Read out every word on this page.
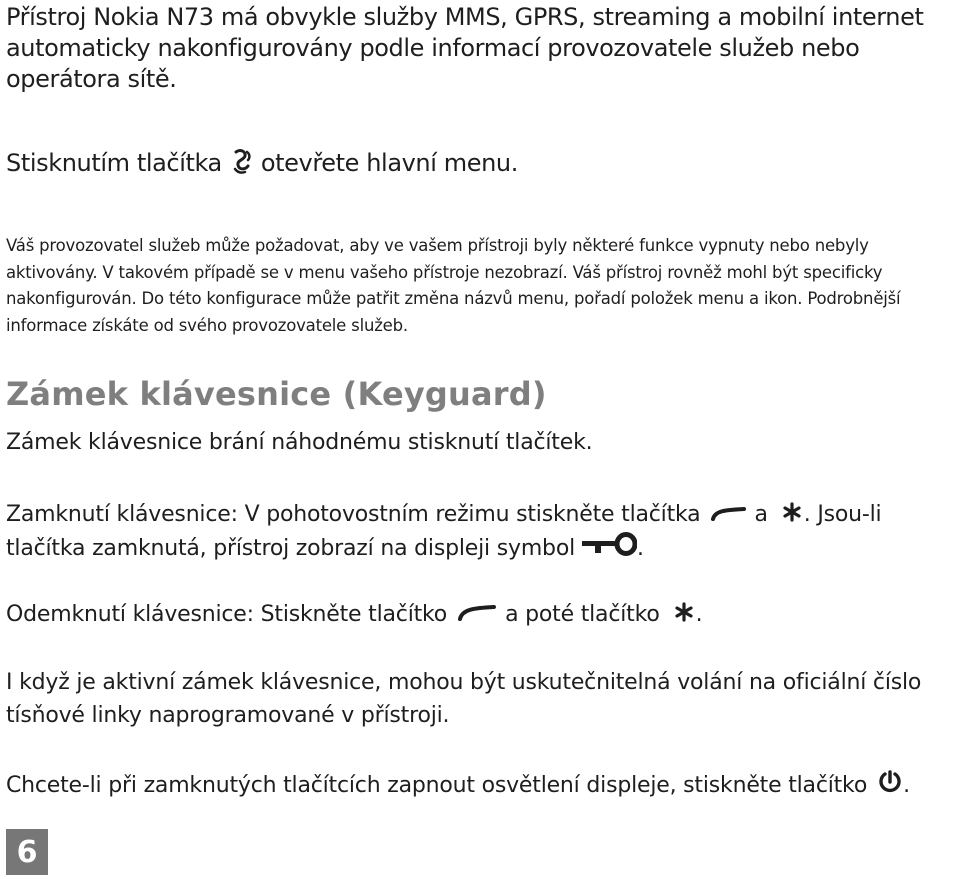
Přístroj Nokia N73 má obvykle služby MMS, GPRS, streaming a mobilní internet automaticky nakonfigurovány podle informací provozovatele služeb nebo operátora sítě.

Stisknutím tlačítka otevřete hlavní menu.

Váš provozovatel služeb může požadovat, aby ve vašem přístroji byly některé funkce vypnuty nebo nebyly aktivovány. V takovém případě se v menu vašeho přístroje nezobrazí. Váš přístroj rovněž mohl být specificky nakonfigurován. Do této konfigurace může patřit změna názvů menu, pořadí položek menu a ikon. Podrobnější informace získáte od svého provozovatele služeb.

Zámek klávesnice (Keyguard)

Zámek klávesnice brání náhodnému stisknutí tlačítek.

Zamknutí klávesnice: V pohotovostním režimu stiskněte tlačítka a . Jsou-li tlačítka zamknutá, přístroj zobrazí na displeji symbol	.

Odemknutí klávesnice: Stiskněte tlačítko	a poté tlačítko .

I když je aktivní zámek klávesnice, mohou být uskutečnitelná volání na oficiální číslo tísňové linky naprogramované v přístroji.

Chcete-li při zamknutých tlačítcích zapnout osvětlení displeje, stiskněte tlačítko .

6
